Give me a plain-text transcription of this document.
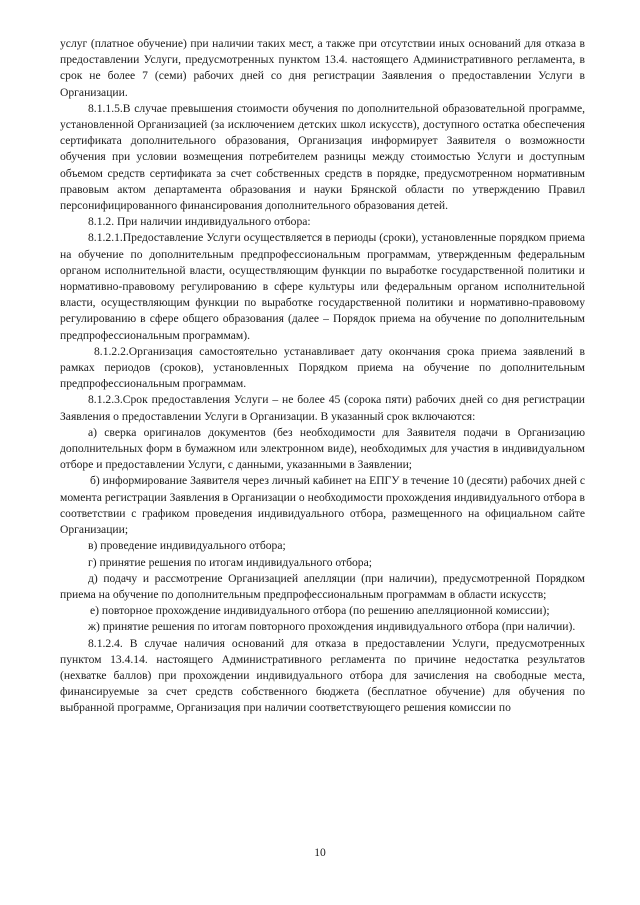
услуг (платное обучение) при наличии таких мест, а также при отсутствии иных оснований для отказа в предоставлении Услуги, предусмотренных пунктом 13.4. настоящего Административного регламента, в срок не более 7 (семи) рабочих дней со дня регистрации Заявления о предоставлении Услуги в Организации.

8.1.1.5.В случае превышения стоимости обучения по дополнительной образовательной программе, установленной Организацией (за исключением детских школ искусств), доступного остатка обеспечения сертификата дополнительного образования, Организация информирует Заявителя о возможности обучения при условии возмещения потребителем разницы между стоимостью Услуги и доступным объемом средств сертификата за счет собственных средств в порядке, предусмотренном нормативным правовым актом департамента образования и науки Брянской области по утверждению Правил персонифицированного финансирования дополнительного образования детей.

8.1.2. При наличии индивидуального отбора:

8.1.2.1.Предоставление Услуги осуществляется в периоды (сроки), установленные порядком приема на обучение по дополнительным предпрофессиональным программам, утвержденным федеральным органом исполнительной власти, осуществляющим функции по выработке государственной политики и нормативно-правовому регулированию в сфере культуры или федеральным органом исполнительной власти, осуществляющим функции по выработке государственной политики и нормативно-правовому регулированию в сфере общего образования (далее – Порядок приема на обучение по дополнительным предпрофессиональным программам).

8.1.2.2.Организация самостоятельно устанавливает дату окончания срока приема заявлений в рамках периодов (сроков), установленных Порядком приема на обучение по дополнительным предпрофессиональным программам.

8.1.2.3.Срок предоставления Услуги – не более 45 (сорока пяти) рабочих дней со дня регистрации Заявления о предоставлении Услуги в Организации. В указанный срок включаются:

а) сверка оригиналов документов (без необходимости для Заявителя подачи в Организацию дополнительных форм в бумажном или электронном виде), необходимых для участия в индивидуальном отборе и предоставлении Услуги, с данными, указанными в Заявлении;

б) информирование Заявителя через личный кабинет на ЕПГУ в течение 10 (десяти) рабочих дней с момента регистрации Заявления в Организации о необходимости прохождения индивидуального отбора в соответствии с графиком проведения индивидуального отбора, размещенного на официальном сайте Организации;

в) проведение индивидуального отбора;

г) принятие решения по итогам индивидуального отбора;

д) подачу и рассмотрение Организацией апелляции (при наличии), предусмотренной Порядком приема на обучение по дополнительным предпрофессиональным программам в области искусств;

е) повторное прохождение индивидуального отбора (по решению апелляционной комиссии);

ж) принятие решения по итогам повторного прохождения индивидуального отбора (при наличии).

8.1.2.4. В случае наличия оснований для отказа в предоставлении Услуги, предусмотренных пунктом 13.4.14. настоящего Административного регламента по причине недостатка результатов (нехватке баллов) при прохождении индивидуального отбора для зачисления на свободные места, финансируемые за счет средств собственного бюджета (бесплатное обучение) для обучения по выбранной программе, Организация при наличии соответствующего решения комиссии по

10
